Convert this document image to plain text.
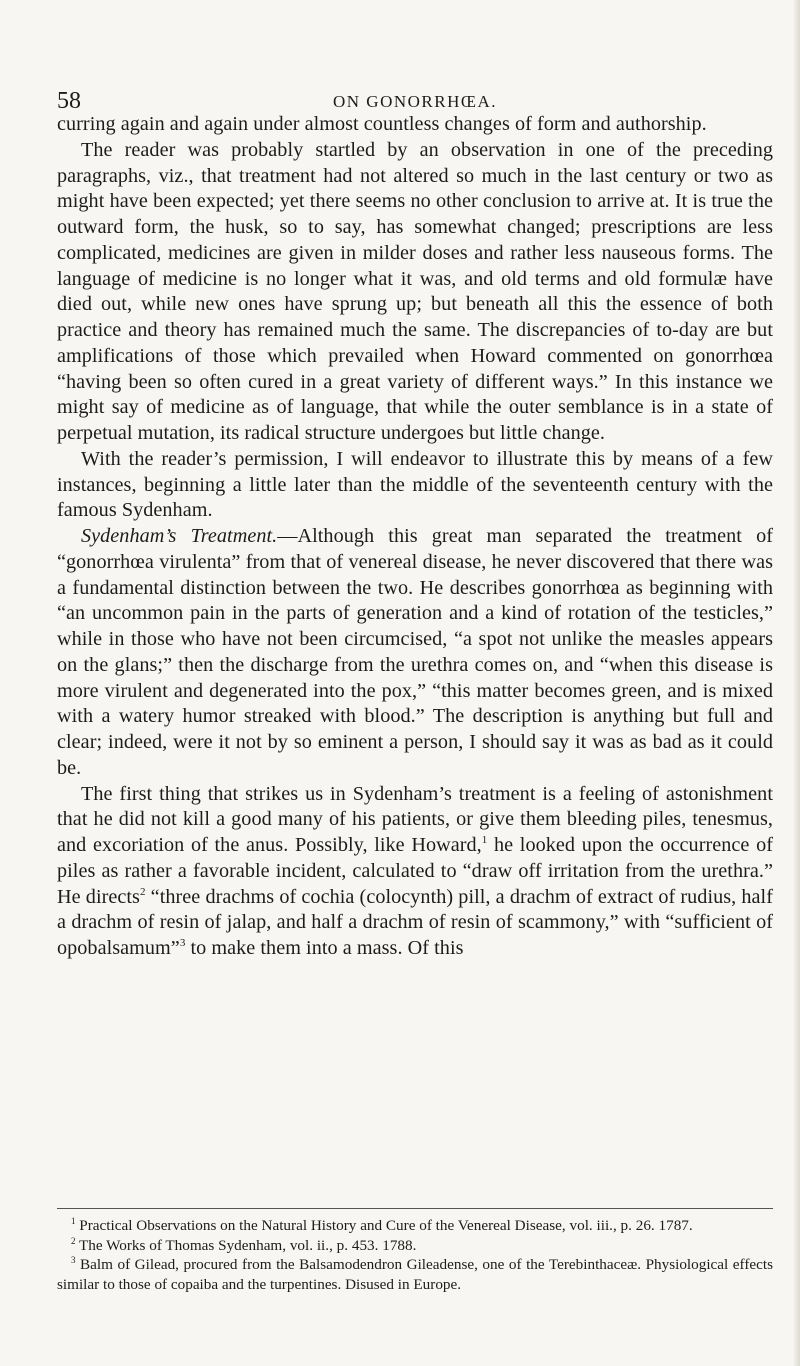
58	ON GONORRHŒA.

curring again and again under almost countless changes of form and authorship.

The reader was probably startled by an observation in one of the preceding paragraphs, viz., that treatment had not altered so much in the last century or two as might have been expected; yet there seems no other conclusion to arrive at. It is true the outward form, the husk, so to say, has somewhat changed; prescriptions are less complicated, medicines are given in milder doses and rather less nauseous forms. The language of medicine is no longer what it was, and old terms and old formulæ have died out, while new ones have sprung up; but beneath all this the essence of both practice and theory has remained much the same. The discrepancies of to-day are but amplifications of those which prevailed when Howard commented on gonorrhœa “having been so often cured in a great variety of different ways.” In this instance we might say of medicine as of language, that while the outer semblance is in a state of perpetual mutation, its radical structure undergoes but little change.

With the reader’s permission, I will endeavor to illustrate this by means of a few instances, beginning a little later than the middle of the seventeenth century with the famous Sydenham.

Sydenham’s Treatment.—Although this great man separated the treatment of “gonorrhœa virulenta” from that of venereal disease, he never discovered that there was a fundamental distinction between the two. He describes gonorrhœa as beginning with “an uncommon pain in the parts of generation and a kind of rotation of the testicles,” while in those who have not been circumcised, “a spot not unlike the measles appears on the glans;” then the discharge from the urethra comes on, and “when this disease is more virulent and degenerated into the pox,” “this matter becomes green, and is mixed with a watery humor streaked with blood.” The description is anything but full and clear; indeed, were it not by so eminent a person, I should say it was as bad as it could be.

The first thing that strikes us in Sydenham’s treatment is a feeling of astonishment that he did not kill a good many of his patients, or give them bleeding piles, tenesmus, and excoriation of the anus. Possibly, like Howard,$^1$ he looked upon the occurrence of piles as rather a favorable incident, calculated to “draw off irritation from the urethra.” He directs$^2$ “three drachms of cochia (colocynth) pill, a drachm of extract of rudius, half a drachm of resin of jalap, and half a drachm of resin of scammony,” with “sufficient of opobalsamum”$^3$ to make them into a mass. Of this

$^1$ Practical Observations on the Natural History and Cure of the Venereal Disease, vol. iii., p. 26. 1787.

$^2$ The Works of Thomas Sydenham, vol. ii., p. 453. 1788.

$^3$ Balm of Gilead, procured from the Balsamodendron Gileadense, one of the Terebinthaceæ. Physiological effects similar to those of copaiba and the turpentines. Disused in Europe.
